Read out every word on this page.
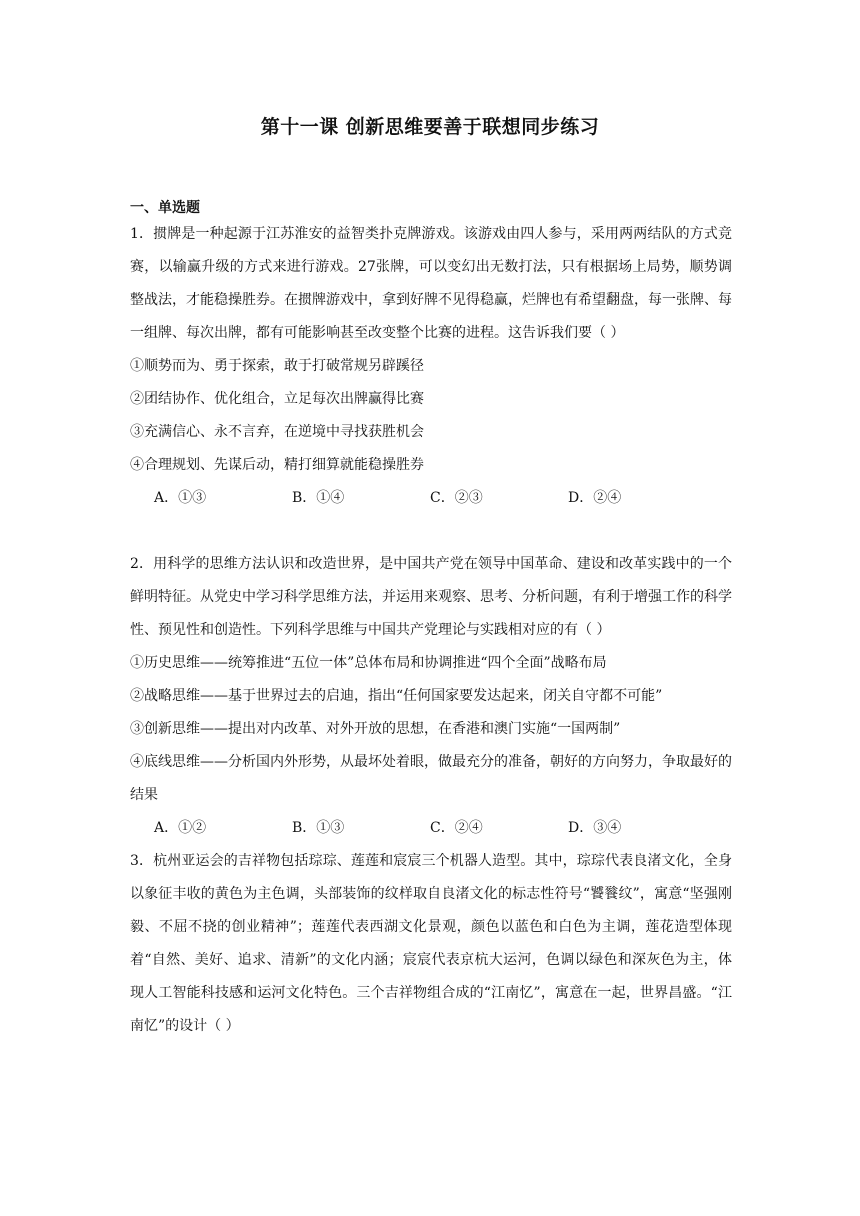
第十一课 创新思维要善于联想同步练习
一、单选题

1．掼牌是一种起源于江苏淮安的益智类扑克牌游戏。该游戏由四人参与，采用两两结队的方式竞赛，以输赢升级的方式来进行游戏。27张牌，可以变幻出无数打法，只有根据场上局势，顺势调整战法，才能稳操胜券。在掼牌游戏中，拿到好牌不见得稳赢，烂牌也有希望翻盘，每一张牌、每一组牌、每次出牌，都有可能影响甚至改变整个比赛的进程。这告诉我们要（ ）

①顺势而为、勇于探索，敢于打破常规另辟蹊径

②团结协作、优化组合，立足每次出牌赢得比赛

③充满信心、永不言弃，在逆境中寻找获胜机会

④合理规划、先谋后动，精打细算就能稳操胜券

A．①③	B．①④	C．②③	D．②④

2．用科学的思维方法认识和改造世界，是中国共产党在领导中国革命、建设和改革实践中的一个鲜明特征。从党史中学习科学思维方法，并运用来观察、思考、分析问题，有利于增强工作的科学性、预见性和创造性。下列科学思维与中国共产党理论与实践相对应的有（ ）

①历史思维——统筹推进“五位一体”总体布局和协调推进“四个全面”战略布局

②战略思维——基于世界过去的启迪，指出“任何国家要发达起来，闭关自守都不可能”

③创新思维——提出对内改革、对外开放的思想，在香港和澳门实施“一国两制”

④底线思维——分析国内外形势，从最坏处着眼，做最充分的准备，朝好的方向努力，争取最好的结果

A．①②	B．①③	C．②④	D．③④

3．杭州亚运会的吉祥物包括琮琮、莲莲和宸宸三个机器人造型。其中，琮琮代表良渚文化，全身以象征丰收的黄色为主色调，头部装饰的纹样取自良渚文化的标志性符号“饕餮纹”，寓意“坚强刚毅、不屈不挠的创业精神”；莲莲代表西湖文化景观，颜色以蓝色和白色为主调，莲花造型体现着“自然、美好、追求、清新”的文化内涵；宸宸代表京杭大运河，色调以绿色和深灰色为主，体现人工智能科技感和运河文化特色。三个吉祥物组合成的“江南忆”，寓意在一起，世界昌盛。“江南忆”的设计（ ）
